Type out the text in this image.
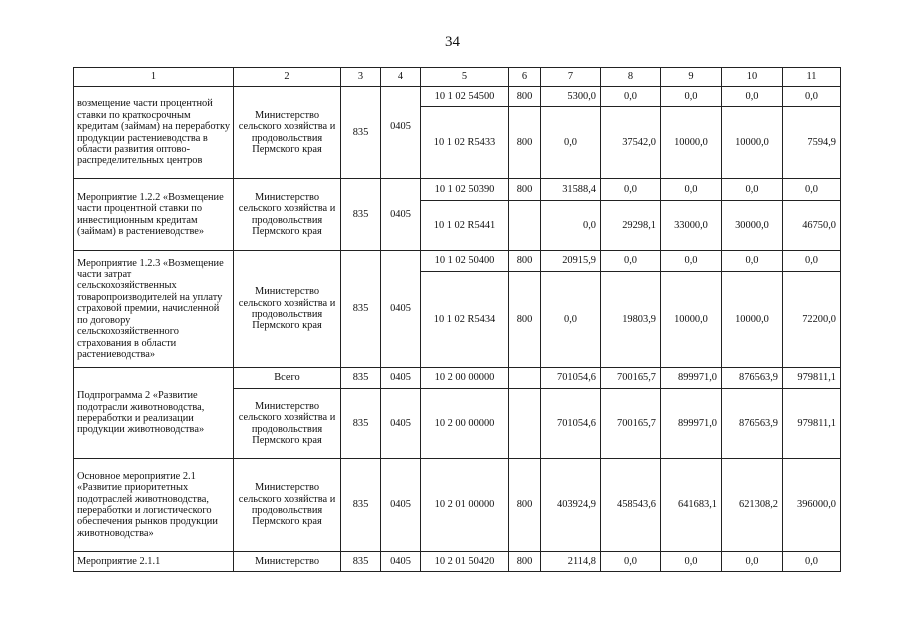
34
1	2	3	4	5	6	7	8	9	10	11
возмещение части процентной ставки по краткосрочным кредитам (займам) на переработку продукции растениеводства в области развития оптово-распределительных центров	Министерство сельского хозяйства и продовольствия Пермского края	835	0405	10 1 02 54500	800	5300,0	0,0	0,0	0,0	0,0
				10 1 02 R5433	800	0,0	37542,0	10000,0	10000,0	7594,9
Мероприятие 1.2.2 «Возмещение части процентной ставки по инвестиционным кредитам (займам) в растениеводстве»	Министерство сельского хозяйства и продовольствия Пермского края	835	0405	10 1 02 50390	800	31588,4	0,0	0,0	0,0	0,0
				10 1 02 R5441		0,0	29298,1	33000,0	30000,0	46750,0
Мероприятие 1.2.3 «Возмещение части затрат сельскохозяйственных товаропроизводителей на уплату страховой премии, начисленной по договору сельскохозяйственного страхования в области растениеводства»	Министерство сельского хозяйства и продовольствия Пермского края	835	0405	10 1 02 50400	800	20915,9	0,0	0,0	0,0	0,0
				10 1 02 R5434	800	0,0	19803,9	10000,0	10000,0	72200,0
Подпрограмма 2 «Развитие подотрасли животноводства, переработки и реализации продукции животноводства»	Всего	835	0405	10 2 00 00000		701054,6	700165,7	899971,0	876563,9	979811,1
	Министерство сельского хозяйства и продовольствия Пермского края	835	0405	10 2 00 00000		701054,6	700165,7	899971,0	876563,9	979811,1
Основное мероприятие 2.1 «Развитие приоритетных подотраслей животноводства, переработки и логистического обеспечения рынков продукции животноводства»	Министерство сельского хозяйства и продовольствия Пермского края	835	0405	10 2 01 00000	800	403924,9	458543,6	641683,1	621308,2	396000,0
Мероприятие 2.1.1	Министерство	835	0405	10 2 01 50420	800	2114,8	0,0	0,0	0,0	0,0
